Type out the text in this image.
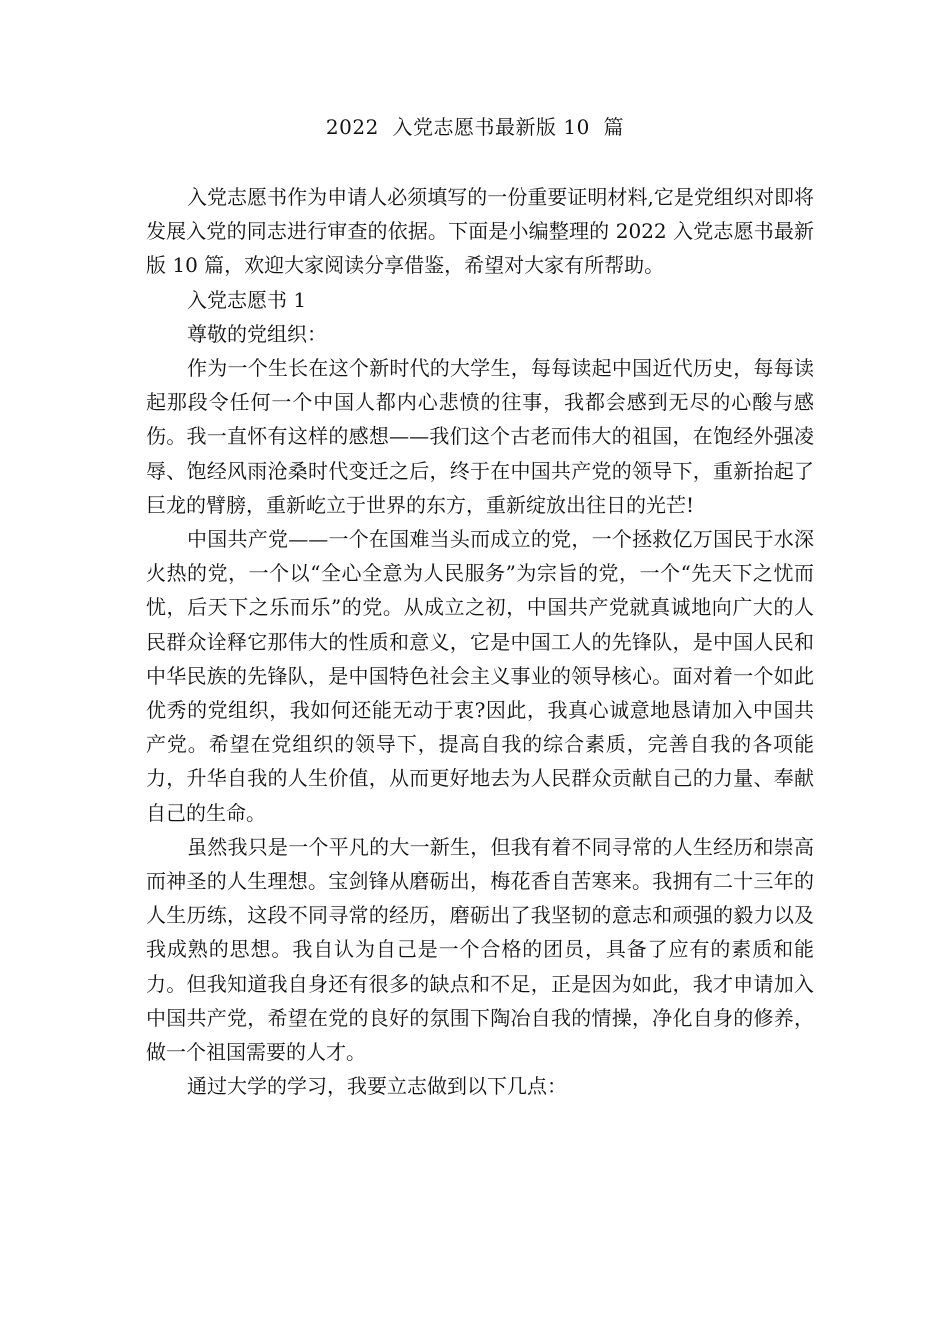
2022  入党志愿书最新版 10  篇

入党志愿书作为申请人必须填写的一份重要证明材料,它是党组织对即将发展入党的同志进行审查的依据。下面是小编整理的 2022 入党志愿书最新版 10 篇，欢迎大家阅读分享借鉴，希望对大家有所帮助。

入党志愿书 1

尊敬的党组织：

作为一个生长在这个新时代的大学生，每每读起中国近代历史，每每读起那段令任何一个中国人都内心悲愤的往事，我都会感到无尽的心酸与感伤。我一直怀有这样的感想——我们这个古老而伟大的祖国，在饱经外强凌辱、饱经风雨沧桑时代变迁之后，终于在中国共产党的领导下，重新抬起了巨龙的臂膀，重新屹立于世界的东方，重新绽放出往日的光芒!

中国共产党——一个在国难当头而成立的党，一个拯救亿万国民于水深火热的党，一个以“全心全意为人民服务”为宗旨的党，一个“先天下之忧而忧，后天下之乐而乐”的党。从成立之初，中国共产党就真诚地向广大的人民群众诠释它那伟大的性质和意义，它是中国工人的先锋队，是中国人民和中华民族的先锋队，是中国特色社会主义事业的领导核心。面对着一个如此优秀的党组织，我如何还能无动于衷?因此，我真心诚意地恳请加入中国共产党。希望在党组织的领导下，提高自我的综合素质，完善自我的各项能力，升华自我的人生价值，从而更好地去为人民群众贡献自己的力量、奉献自己的生命。

虽然我只是一个平凡的大一新生，但我有着不同寻常的人生经历和崇高而神圣的人生理想。宝剑锋从磨砺出，梅花香自苦寒来。我拥有二十三年的人生历练，这段不同寻常的经历，磨砺出了我坚韧的意志和顽强的毅力以及我成熟的思想。我自认为自己是一个合格的团员，具备了应有的素质和能力。但我知道我自身还有很多的缺点和不足，正是因为如此，我才申请加入中国共产党，希望在党的良好的氛围下陶冶自我的情操，净化自身的修养，做一个祖国需要的人才。

通过大学的学习，我要立志做到以下几点：
